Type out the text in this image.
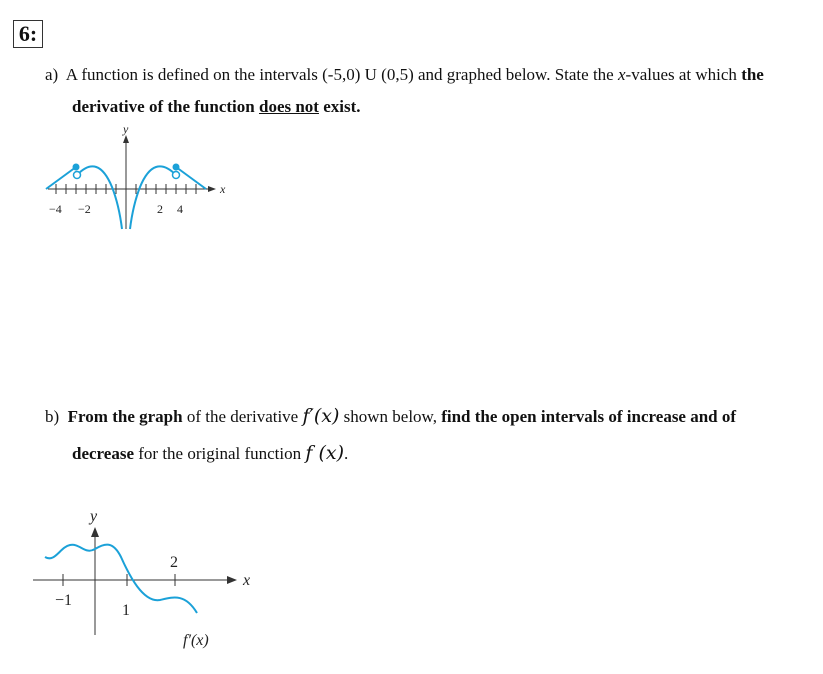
6:
a) A function is defined on the intervals (-5,0) U (0,5) and graphed below. State the x-values at which the
derivative of the function does not exist.
y
x
−4 −2	2 4
b) From the graph of the derivative f′(x) shown below, find the open intervals of increase and of
decrease for the original function f (x).
y
x
−1
1
2
f′(x)
